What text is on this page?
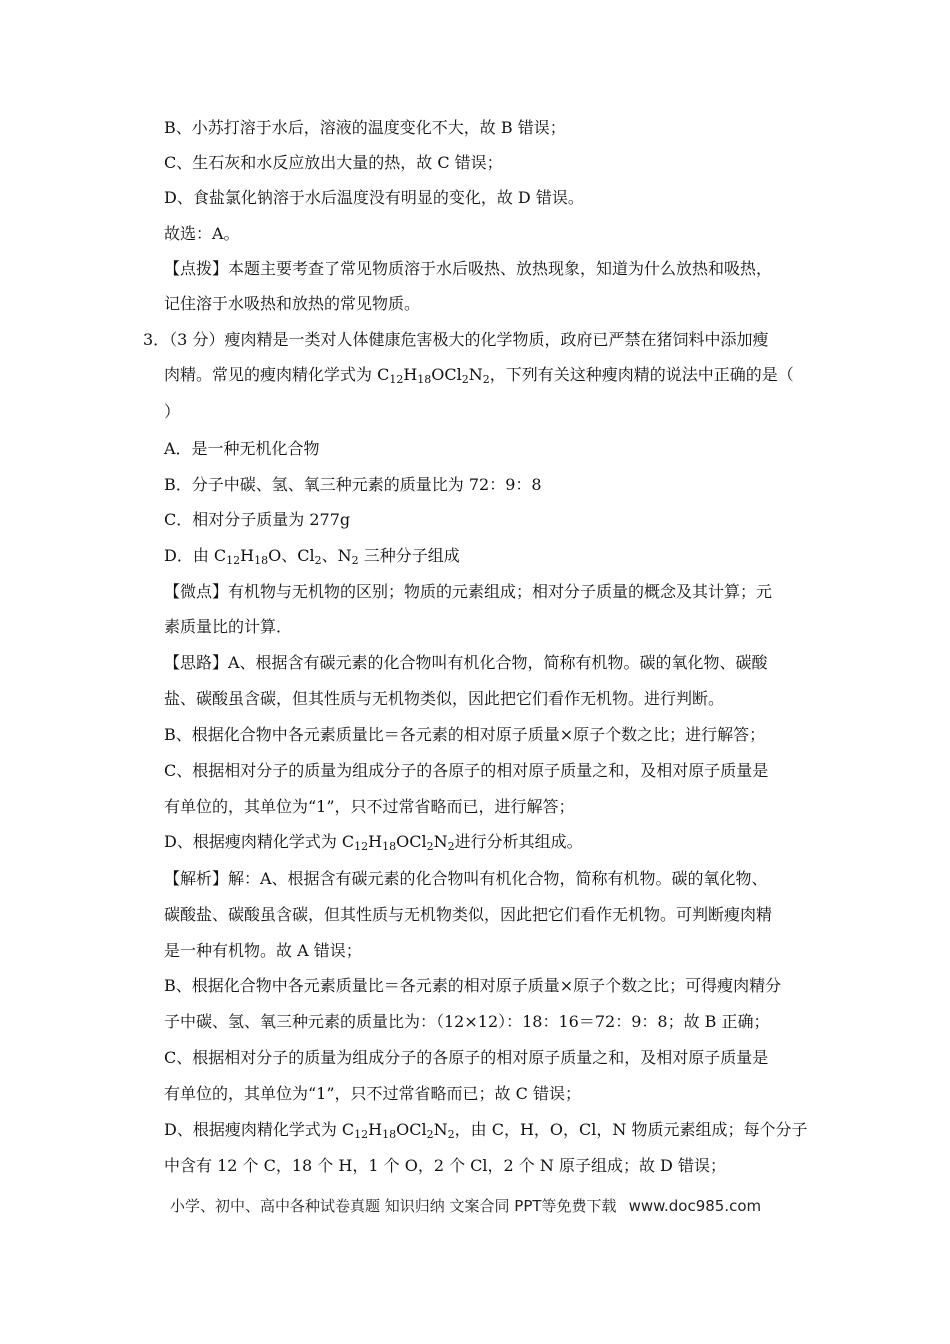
B、小苏打溶于水后，溶液的温度变化不大，故 B 错误；
C、生石灰和水反应放出大量的热，故 C 错误；
D、食盐氯化钠溶于水后温度没有明显的变化，故 D 错误。
故选：A。
【点拨】本题主要考查了常见物质溶于水后吸热、放热现象，知道为什么放热和吸热，
记住溶于水吸热和放热的常见物质。
3．（3 分）瘦肉精是一类对人体健康危害极大的化学物质，政府已严禁在猪饲料中添加瘦
肉精。常见的瘦肉精化学式为 $C_{12}H_{18}OCl_2N_2$，下列有关这种瘦肉精的说法中正确的是（
）
A．是一种无机化合物
B．分子中碳、氢、氧三种元素的质量比为 72：9：8
C．相对分子质量为 277g
D．由 $C_{12}H_{18}O$、$Cl_2$、$N_2$ 三种分子组成
【微点】有机物与无机物的区别；物质的元素组成；相对分子质量的概念及其计算；元
素质量比的计算．
【思路】A、根据含有碳元素的化合物叫有机化合物，简称有机物。碳的氧化物、碳酸
盐、碳酸虽含碳，但其性质与无机物类似，因此把它们看作无机物。进行判断。
B、根据化合物中各元素质量比＝各元素的相对原子质量×原子个数之比；进行解答；
C、根据相对分子的质量为组成分子的各原子的相对原子质量之和，及相对原子质量是
有单位的，其单位为“1”，只不过常省略而已，进行解答；
D、根据瘦肉精化学式为 $C_{12}H_{18}OCl_2N_2$进行分析其组成。
【解析】解：A、根据含有碳元素的化合物叫有机化合物，简称有机物。碳的氧化物、
碳酸盐、碳酸虽含碳，但其性质与无机物类似，因此把它们看作无机物。可判断瘦肉精
是一种有机物。故 A 错误；
B、根据化合物中各元素质量比＝各元素的相对原子质量×原子个数之比；可得瘦肉精分
子中碳、氢、氧三种元素的质量比为：（12×12）：18：16＝72：9：8；故 B 正确；
C、根据相对分子的质量为组成分子的各原子的相对原子质量之和，及相对原子质量是
有单位的，其单位为“1”，只不过常省略而已；故 C 错误；
D、根据瘦肉精化学式为 $C_{12}H_{18}OCl_2N_2$，由 C，H，O，Cl，N 物质元素组成；每个分子
中含有 12 个 C，18 个 H，1 个 O，2 个 Cl，2 个 N 原子组成；故 D 错误；
小学、初中、高中各种试卷真题 知识归纳 文案合同 PPT等免费下载 www.doc985.com
